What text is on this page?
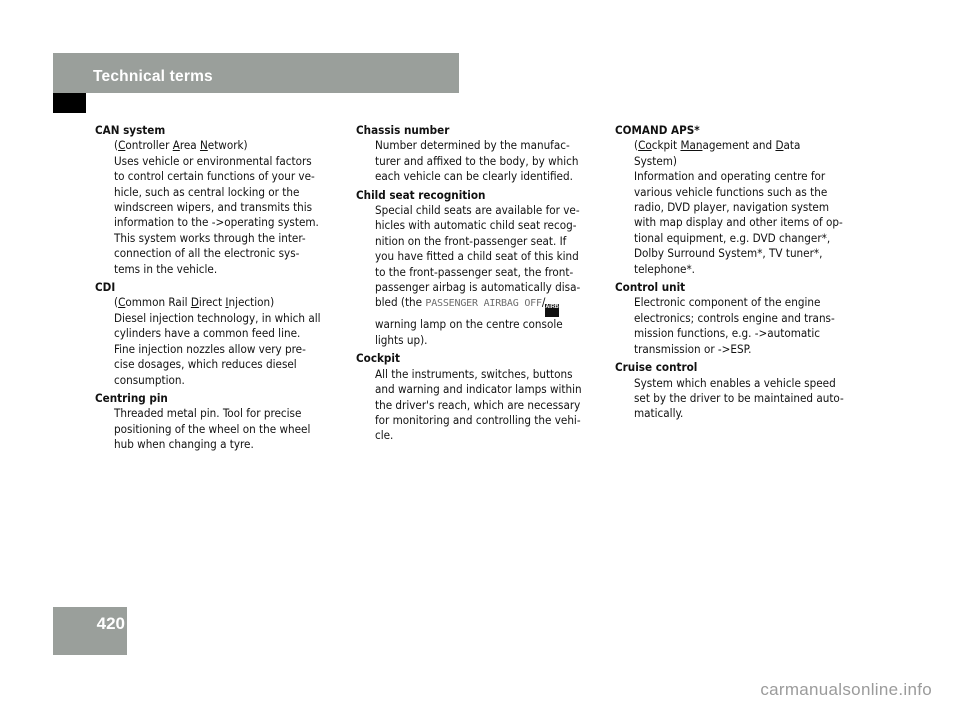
Technical terms
CAN system
(Controller Area Network)
Uses vehicle or environmental factors
to control certain functions of your ve-
hicle, such as central locking or the
windscreen wipers, and transmits this
information to the ->operating system.
This system works through the inter-
connection of all the electronic sys-
tems in the vehicle.
CDI
(Common Rail Direct Injection)
Diesel injection technology, in which all
cylinders have a common feed line.
Fine injection nozzles allow very pre-
cise dosages, which reduces diesel
consumption.
Centring pin
Threaded metal pin. Tool for precise
positioning of the wheel on the wheel
hub when changing a tyre.
Chassis number
Number determined by the manufac-
turer and affixed to the body, by which
each vehicle can be clearly identified.
Child seat recognition
Special child seats are available for ve-
hicles with automatic child seat recog-
nition on the front-passenger seat. If
you have fitted a child seat of this kind
to the front-passenger seat, the front-
passenger airbag is automatically disa-
bled (the PASSENGER AIRBAG OFF/AIRBAG OFF
warning lamp on the centre console
lights up).
Cockpit
All the instruments, switches, buttons
and warning and indicator lamps within
the driver's reach, which are necessary
for monitoring and controlling the vehi-
cle.
COMAND APS*
(Cockpit Management and Data
System)
Information and operating centre for
various vehicle functions such as the
radio, DVD player, navigation system
with map display and other items of op-
tional equipment, e.g. DVD changer*,
Dolby Surround System*, TV tuner*,
telephone*.
Control unit
Electronic component of the engine
electronics; controls engine and trans-
mission functions, e.g. ->automatic
transmission or ->ESP.
Cruise control
System which enables a vehicle speed
set by the driver to be maintained auto-
matically.
420
carmanualsonline.info
